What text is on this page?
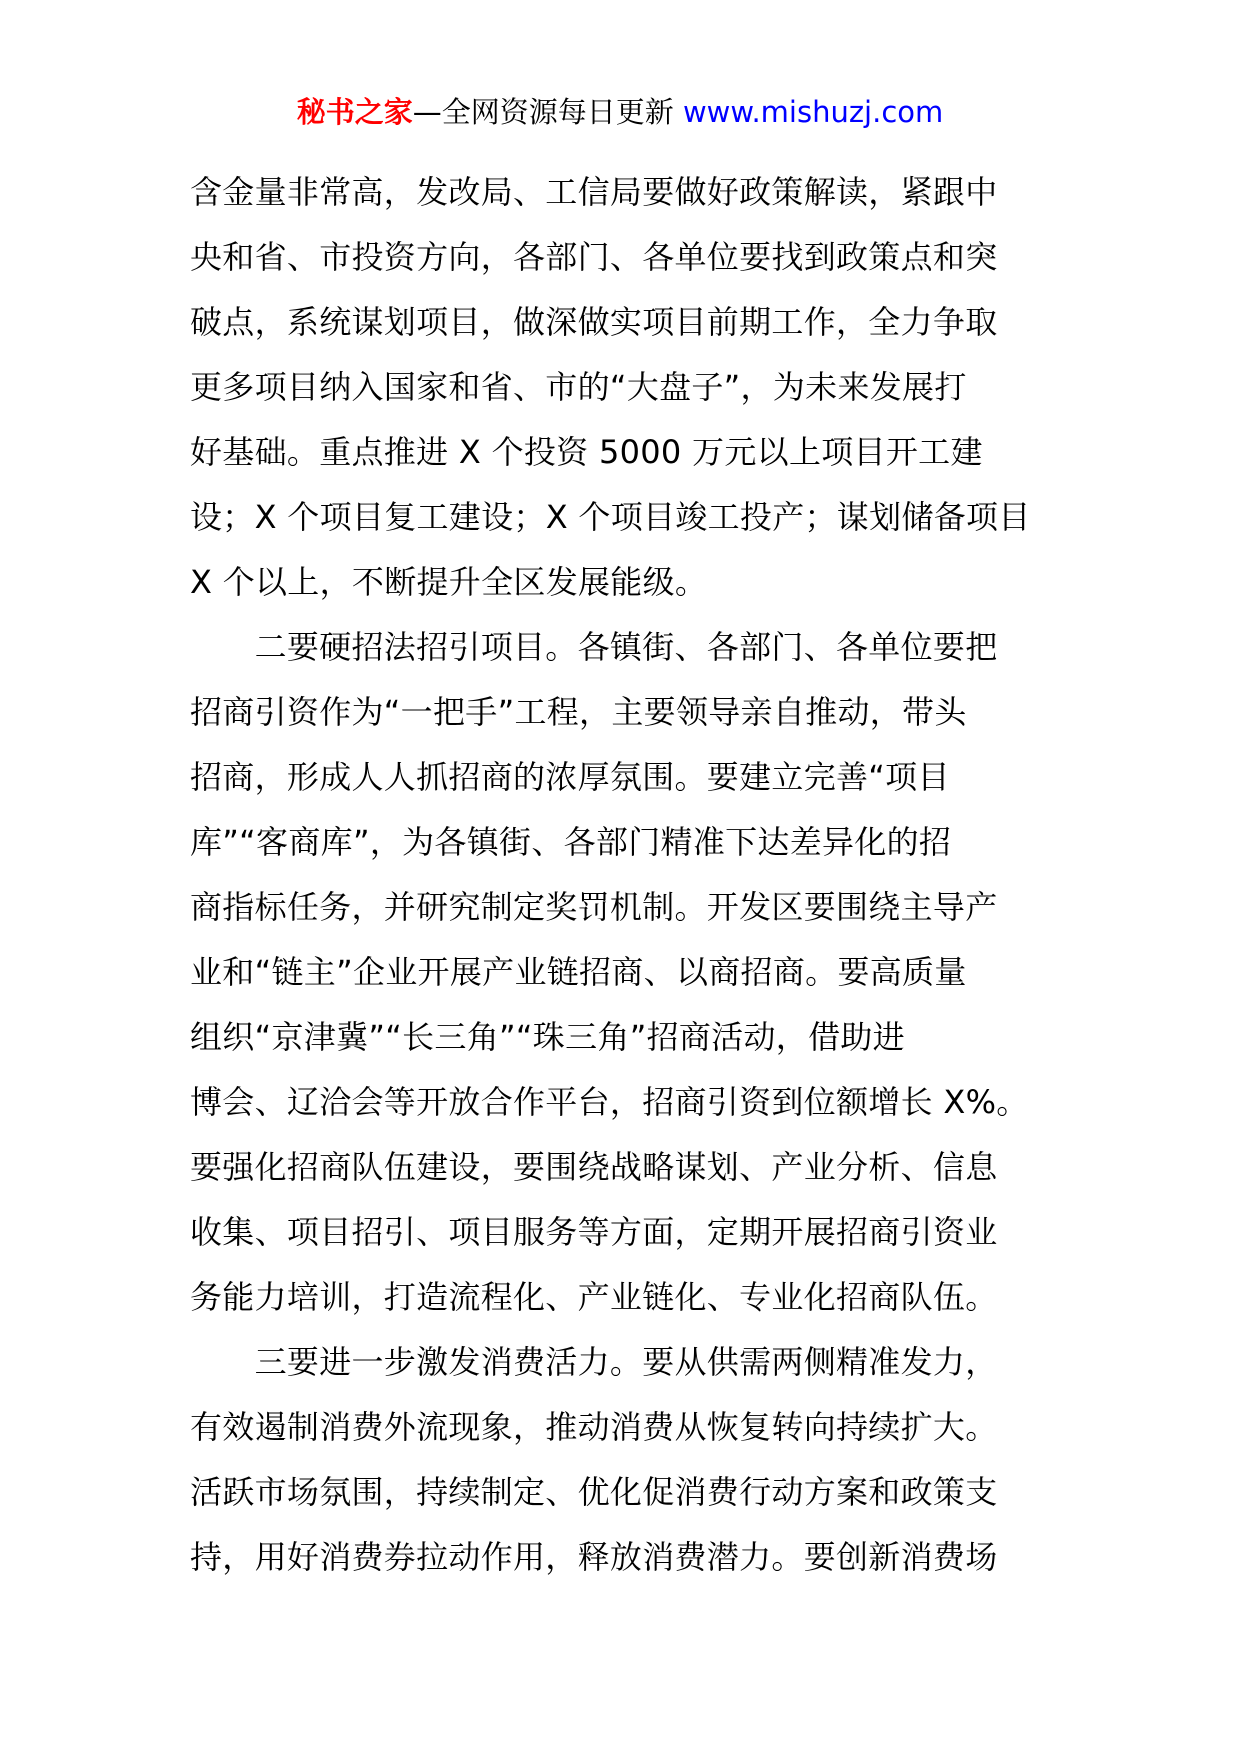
秘书之家—全网资源每日更新 www.mishuzj.com
含金量非常高，发改局、工信局要做好政策解读，紧跟中
央和省、市投资方向，各部门、各单位要找到政策点和突
破点，系统谋划项目，做深做实项目前期工作，全力争取
更多项目纳入国家和省、市的“大盘子”，为未来发展打
好基础。重点推进 X 个投资 5000 万元以上项目开工建
设；X 个项目复工建设；X 个项目竣工投产；谋划储备项目
X 个以上，不断提升全区发展能级。
　　二要硬招法招引项目。各镇街、各部门、各单位要把
招商引资作为“一把手”工程，主要领导亲自推动，带头
招商，形成人人抓招商的浓厚氛围。要建立完善“项目
库”“客商库”，为各镇街、各部门精准下达差异化的招
商指标任务，并研究制定奖罚机制。开发区要围绕主导产
业和“链主”企业开展产业链招商、以商招商。要高质量
组织“京津冀”“长三角”“珠三角”招商活动，借助进
博会、辽洽会等开放合作平台，招商引资到位额增长 X%。
要强化招商队伍建设，要围绕战略谋划、产业分析、信息
收集、项目招引、项目服务等方面，定期开展招商引资业
务能力培训，打造流程化、产业链化、专业化招商队伍。
　　三要进一步激发消费活力。要从供需两侧精准发力，
有效遏制消费外流现象，推动消费从恢复转向持续扩大。
活跃市场氛围，持续制定、优化促消费行动方案和政策支
持，用好消费券拉动作用，释放消费潜力。要创新消费场
